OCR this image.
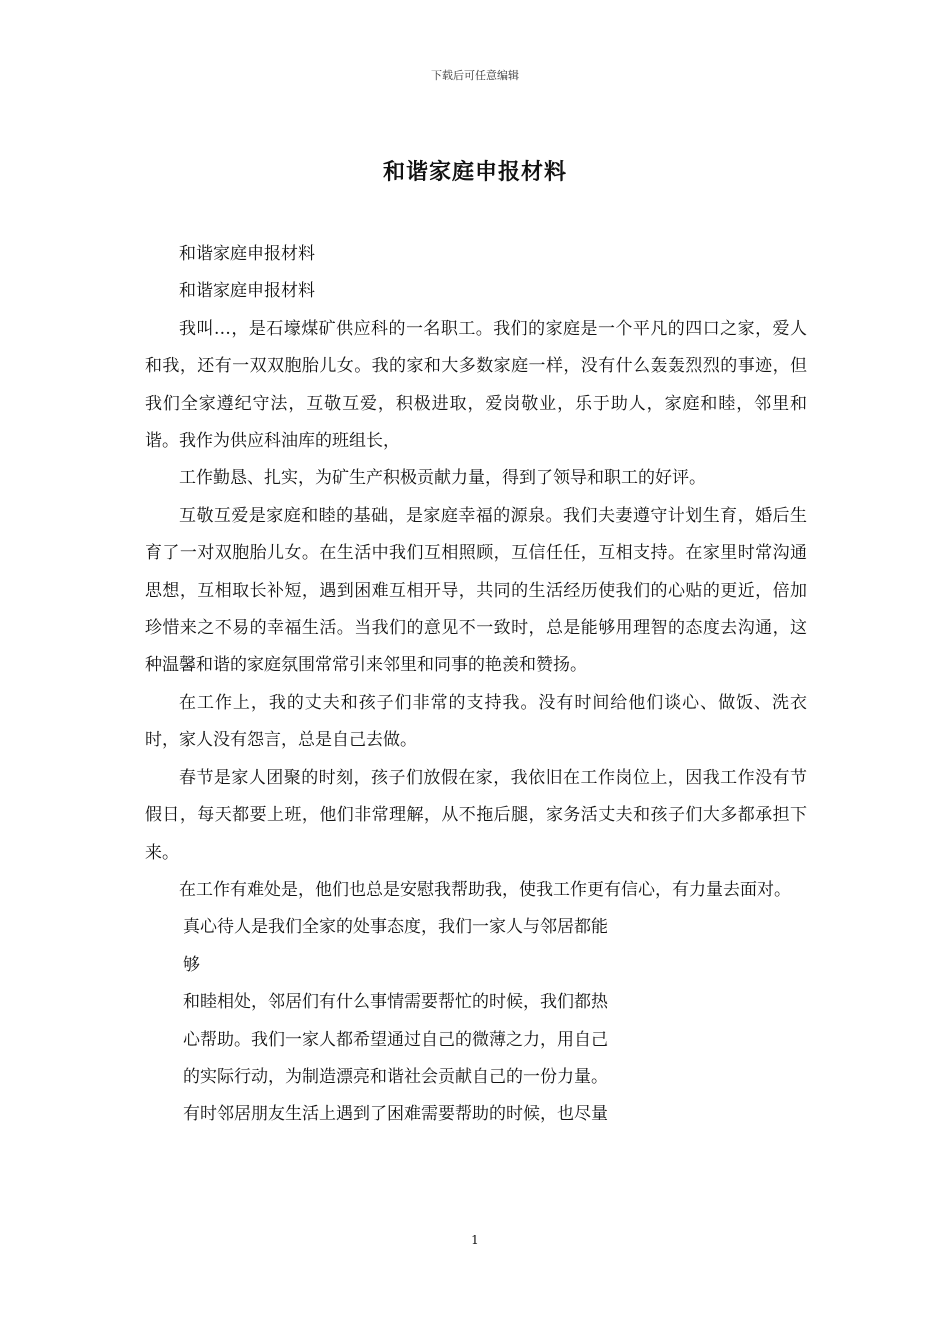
下载后可任意编辑
和谐家庭申报材料

和谐家庭申报材料

和谐家庭申报材料

我叫…，是石壕煤矿供应科的一名职工。我们的家庭是一个平凡的四口之家，爱人和我，还有一双双胞胎儿女。我的家和大多数家庭一样，没有什么轰轰烈烈的事迹，但我们全家遵纪守法，互敬互爱，积极进取，爱岗敬业，乐于助人，家庭和睦，邻里和谐。我作为供应科油库的班组长，

工作勤恳、扎实，为矿生产积极贡献力量，得到了领导和职工的好评。

互敬互爱是家庭和睦的基础，是家庭幸福的源泉。我们夫妻遵守计划生育，婚后生育了一对双胞胎儿女。在生活中我们互相照顾，互信任任，互相支持。在家里时常沟通思想，互相取长补短，遇到困难互相开导，共同的生活经历使我们的心贴的更近，倍加珍惜来之不易的幸福生活。当我们的意见不一致时，总是能够用理智的态度去沟通，这种温馨和谐的家庭氛围常常引来邻里和同事的艳羡和赞扬。

在工作上，我的丈夫和孩子们非常的支持我。没有时间给他们谈心、做饭、洗衣时，家人没有怨言，总是自己去做。

春节是家人团聚的时刻，孩子们放假在家，我依旧在工作岗位上，因我工作没有节假日，每天都要上班，他们非常理解，从不拖后腿，家务活丈夫和孩子们大多都承担下来。

在工作有难处是，他们也总是安慰我帮助我，使我工作更有信心，有力量去面对。

真心待人是我们全家的处事态度，我们一家人与邻居都能

够

和睦相处，邻居们有什么事情需要帮忙的时候，我们都热

心帮助。我们一家人都希望通过自己的微薄之力，用自己

的实际行动，为制造漂亮和谐社会贡献自己的一份力量。

有时邻居朋友生活上遇到了困难需要帮助的时候，也尽量

1
